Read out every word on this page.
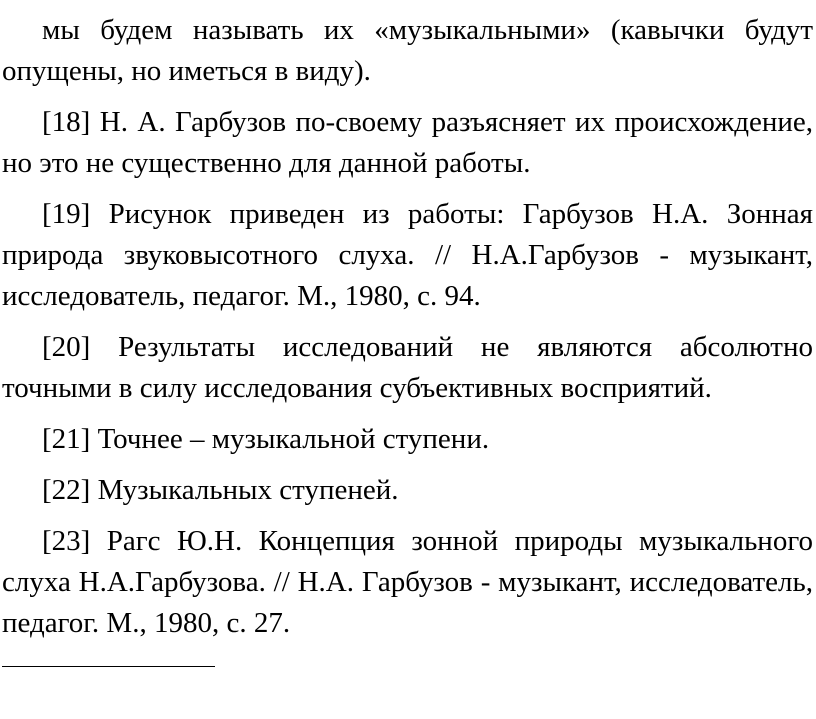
мы будем называть их «музыкальными» (кавычки будут опущены, но иметься в виду).

[18] Н. А. Гарбузов по-своему разъясняет их происхождение, но это не существенно для данной работы.

[19] Рисунок приведен из работы: Гарбузов Н.А. Зонная природа звуковысотного слуха. // Н.А.Гарбузов - музыкант, исследователь, педагог. М., 1980, с. 94.

[20] Результаты исследований не являются абсолютно точными в силу исследования субъективных восприятий.

[21] Точнее – музыкальной ступени.

[22] Музыкальных ступеней.

[23] Рагс Ю.Н. Концепция зонной природы музыкального слуха Н.А.Гарбузова. // Н.А. Гарбузов - музыкант, исследователь, педагог. М., 1980, с. 27.
